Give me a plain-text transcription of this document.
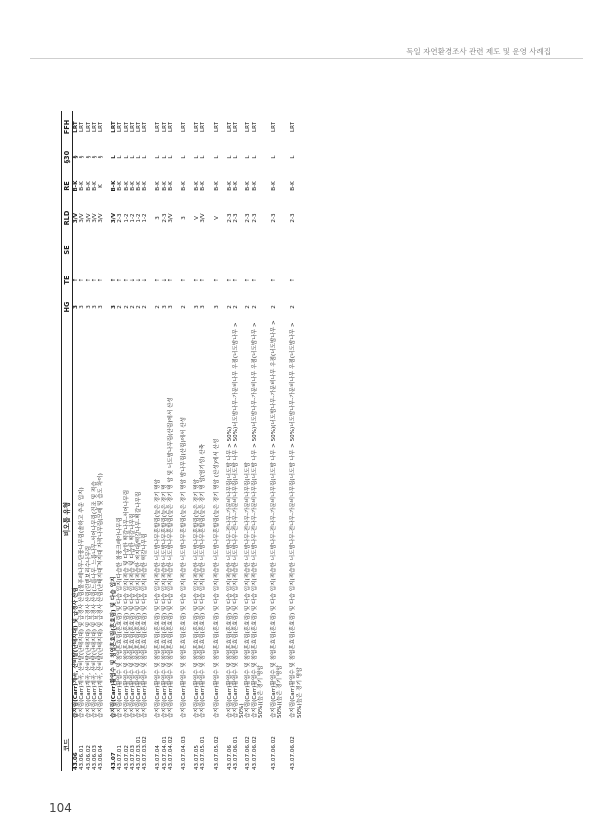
독일 자연환경조사 관련 제도 및 운영 사례집
코드	비오톱 유형	HG	TE	SE	RLD	RE	§30	FFH
43.06	습지림(Carr)계곡, 산비탈(난태지대) 및 급경사 산림	3	↑		3/V	B-K	§	LRT
43.06.01	습지림(Carr)계곡, 산비탈(난태지대) 및 급경사 산림(물푸레나무-단풍나무림(솔하고 추운 입지)	3	↑		3/V	B-K	§	LRT
43.06.02	습지림(Carr)계곡, 산비탈(난태지대) 및 급경사 산림(린덴보리수나무림	3	↑		3/V	B-K	§	LRT
43.06.03	습지림(Carr)계곡, 산비탈(난태지대) 및 급경사 산림(느릅나무_느릅나무-서어나무림(건조 및 적습	3	↑		3/V	B-K	§	LRT
43.06.04	습지림(Carr)계곡, 산비탈(난태지대) 및 급경사 산림(난태지대 저지대 자작나무림(모래 및 습도 차이)	3	↑		3/V	K	§	LRT
43.07	습지림(Carr)활엽수 및 침엽혼효림(혼효림) 및 다습 입지	3	↑		3/V	B-K	L	LRT
43.07.01	습지림(Carr)활엽수 및 침엽혼효림(혼효림) 및 다습 입지(다습한 참풍크레아나무림	2	↑		2-3	B-K	L	LRT
43.07.02	습지림(Carr)활엽수 및 침엽혼효림(혼효림) 및 다습 입지(적습 및 다습한 떡갈나무-서어나무림	2	↑		1-2	B-K	L	LRT
43.07.03	습지림(Carr)활엽수 및 침엽혼효림(혼효림) 및 다습 입지(적습 및 다습한 떡갈나무림	2	↓		1-2	B-K	L	LRT
43.07.03.01	습지림(Carr)활엽수 및 침엽혼효림(혼효림) 및 다습 입지(적습한 저지대/떡갈나무-떡갈나무림	2	↓		1-2	B-K	L	LRT
43.07.03.02	습지림(Carr)활엽수 및 침엽혼효림(혼효림) 및 다습 입지(적습한 떡갈나무림	2	↓		1-2	B-K	L	LRT
43.07.04	습지림(Carr)활엽수 및 침엽혼효림(혼효림) 및 다습 입지(적습한 너도밤나무혼합림(늪은 경기 명암	2	↑		3	B-K	L	LRT
43.07.04.01	습지림(Carr)활엽수 및 침엽혼효림(혼효림) 및 다습 입지(적습한 너도밤나무혼합림(늪은 경기 명	3	↓		2-3	B-K	L	LRT
43.07.04.02	습지림(Carr)활엽수 및 침엽혼효림(혼효림) 및 다습 입지(적습한 너도밤나무혼합림(늪은 경기 명 암 및 너도밤나무림(산림)에서 산성	3	↑		3/V	B-K	L	LRT
43.07.04.03	습지림(Carr)활엽수 및 침엽혼효림(혼효림) 및 다습 입지(적습한 너도밤나무혼합림(늪은 경기 명암 밤나무림(산림)에서 산성	2	↑		3	B-K	L	LRT
43.07.05	습지림(Carr)활엽수 및 침엽혼효림(혼효림) 및 다습 입지(적습한 너도밤나무혼합림(늪은 경기 명암	3	↑		V	B-K	L	LRT
43.07.05.01	습지림(Carr)활엽수 및 침엽혼효림(혼효림) 및 다습 입지(적습한 너도밤나무혼합림(늪은 경기 명 암(염기성) 산축	3	↑		3/V	B-K	L	LRT
43.07.05.02	습지림(Carr)활엽수 및 침엽혼효림(혼효림) 및 다습 입지(적습한 너도밤나무혼합림(늪은 경기 명암 (산성)에서 산성	3	↑		V	B-K	L	LRT
43.07.06	습지림(Carr)활엽수 및 침엽혼효림(혼효림) 및 다습 입지(적습한 너도밤나무-전나무-가문비나무림(너도밤 나무 > 50%)	2	↑		2-3	B-K	L	LRT
43.07.06.01	습지림(Carr)활엽수 및 침엽혼효림(혼효림) 및 다습 입지(적습한 너도밤나무-전나무-가문비나무림(너도밤 나무 > 50%)너도밤나무-가문비나무 우점(너도밤나무 > 50%)	2	↑		2-3	B-K	L	LRT
43.07.06.02	습지림(Carr)활엽수 및 침엽혼효림(혼효림) 및 다습 입지(적습한 너도밤나무-전나무-가문비나무림(너도밤	2	↑		2-3	B-K	L	LRT
43.07.06.02	습지림(Carr)활엽수 및 침엽혼효림(혼효림) 및 다습 입지(적습한 너도밤나무-전나무-가문비나무림(너도밤 나무 > 50%)너도밤나무-가문비나무 우점(너도밤나무 > 50%)(늪은 경기 명암	2	↑		2-3	B-K	L	LRT
43.07.06.02	습지림(Carr)활엽수 및 침엽혼효림(혼효림) 및 다습 입지(적습한 너도밤나무-전나무-가문비나무림(너도밤 나무 > 50%)(너도밤나무-가문비나무 우점(너도밤나무 > 50%)(늪은 경기 명암	2	↑		2-3	B-K	L	LRT
43.07.06.02	습지림(Carr)활엽수 및 침엽혼효림(혼효림) 및 다습 입지(적습한 너도밤나무-전나무-가문비나무림(너도밤 나무 > 50%)너도밤나무-가문비나무 우점(너도밤나무 > 50%)늪은 경기 명암	2	↑		2-3	B-K	L	LRT
104
